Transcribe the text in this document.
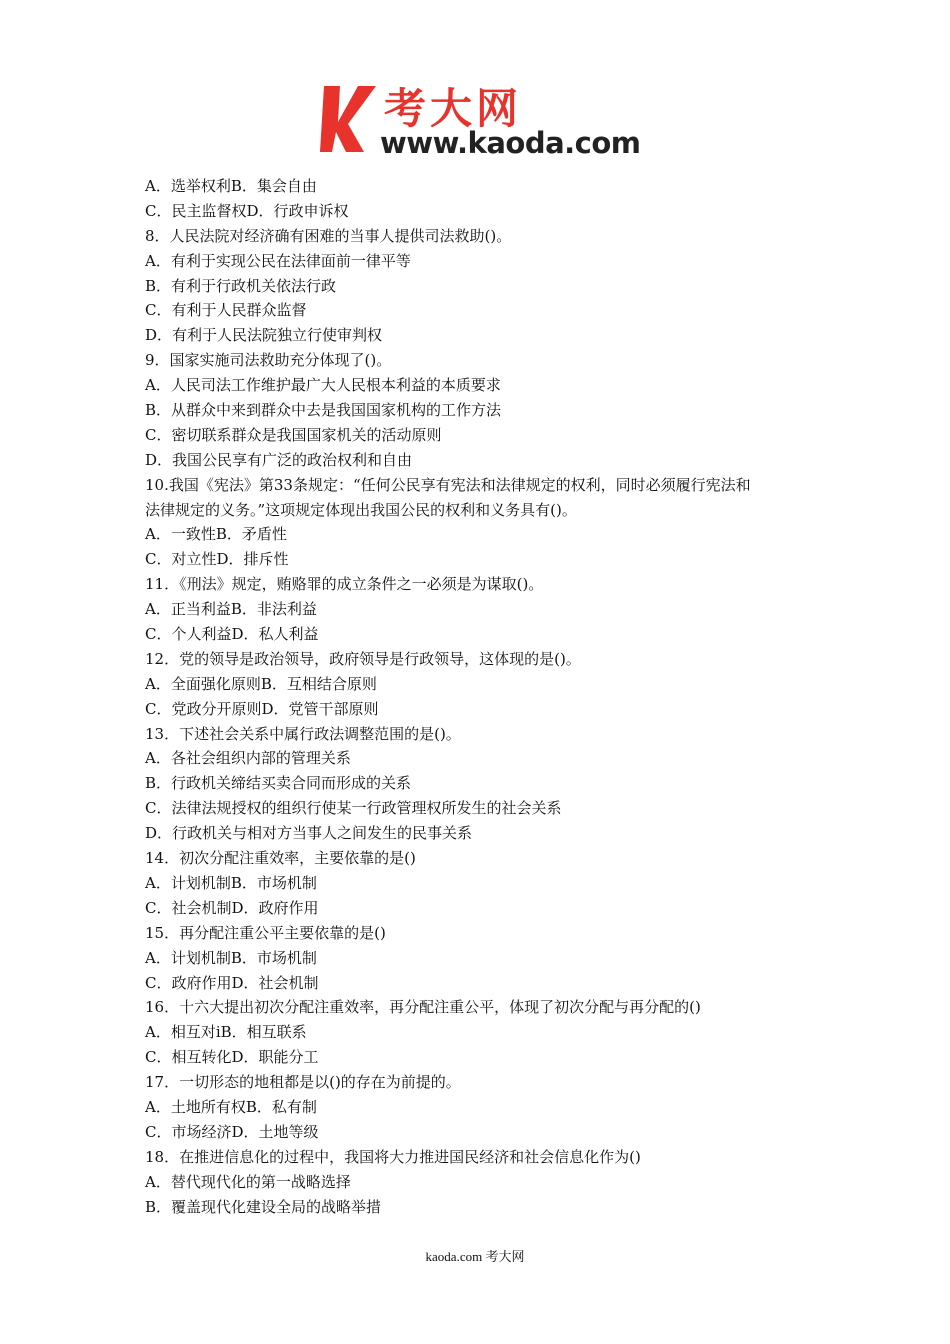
考大网
www.kaoda.com
A．选举权利B．集会自由
C．民主监督权D．行政申诉权
8．人民法院对经济确有困难的当事人提供司法救助()。
A．有利于实现公民在法律面前一律平等
B．有利于行政机关依法行政
C．有利于人民群众监督
D．有利于人民法院独立行使审判权
9．国家实施司法救助充分体现了()。
A．人民司法工作维护最广大人民根本利益的本质要求
B．从群众中来到群众中去是我国国家机构的工作方法
C．密切联系群众是我国国家机关的活动原则
D．我国公民享有广泛的政治权利和自由
10.我国《宪法》第33条规定：“任何公民享有宪法和法律规定的权利，同时必须履行宪法和
法律规定的义务。”这项规定体现出我国公民的权利和义务具有()。
A．一致性B．矛盾性
C．对立性D．排斥性
11．《刑法》规定，贿赂罪的成立条件之一必须是为谋取()。
A．正当利益B．非法利益
C．个人利益D．私人利益
12．党的领导是政治领导，政府领导是行政领导，这体现的是()。
A．全面强化原则B．互相结合原则
C．党政分开原则D．党管干部原则
13．下述社会关系中属行政法调整范围的是()。
A．各社会组织内部的管理关系
B．行政机关缔结买卖合同而形成的关系
C．法律法规授权的组织行使某一行政管理权所发生的社会关系
D．行政机关与相对方当事人之间发生的民事关系
14．初次分配注重效率，主要依靠的是()
A．计划机制B．市场机制
C．社会机制D．政府作用
15．再分配注重公平主要依靠的是()
A．计划机制B．市场机制
C．政府作用D．社会机制
16．十六大提出初次分配注重效率，再分配注重公平，体现了初次分配与再分配的()
A．相互对iB．相互联系
C．相互转化D．职能分工
17．一切形态的地租都是以()的存在为前提的。
A．土地所有权B．私有制
C．市场经济D．土地等级
18．在推进信息化的过程中，我国将大力推进国民经济和社会信息化作为()
A．替代现代化的第一战略选择
B．覆盖现代化建设全局的战略举措
kaoda.com 考大网
